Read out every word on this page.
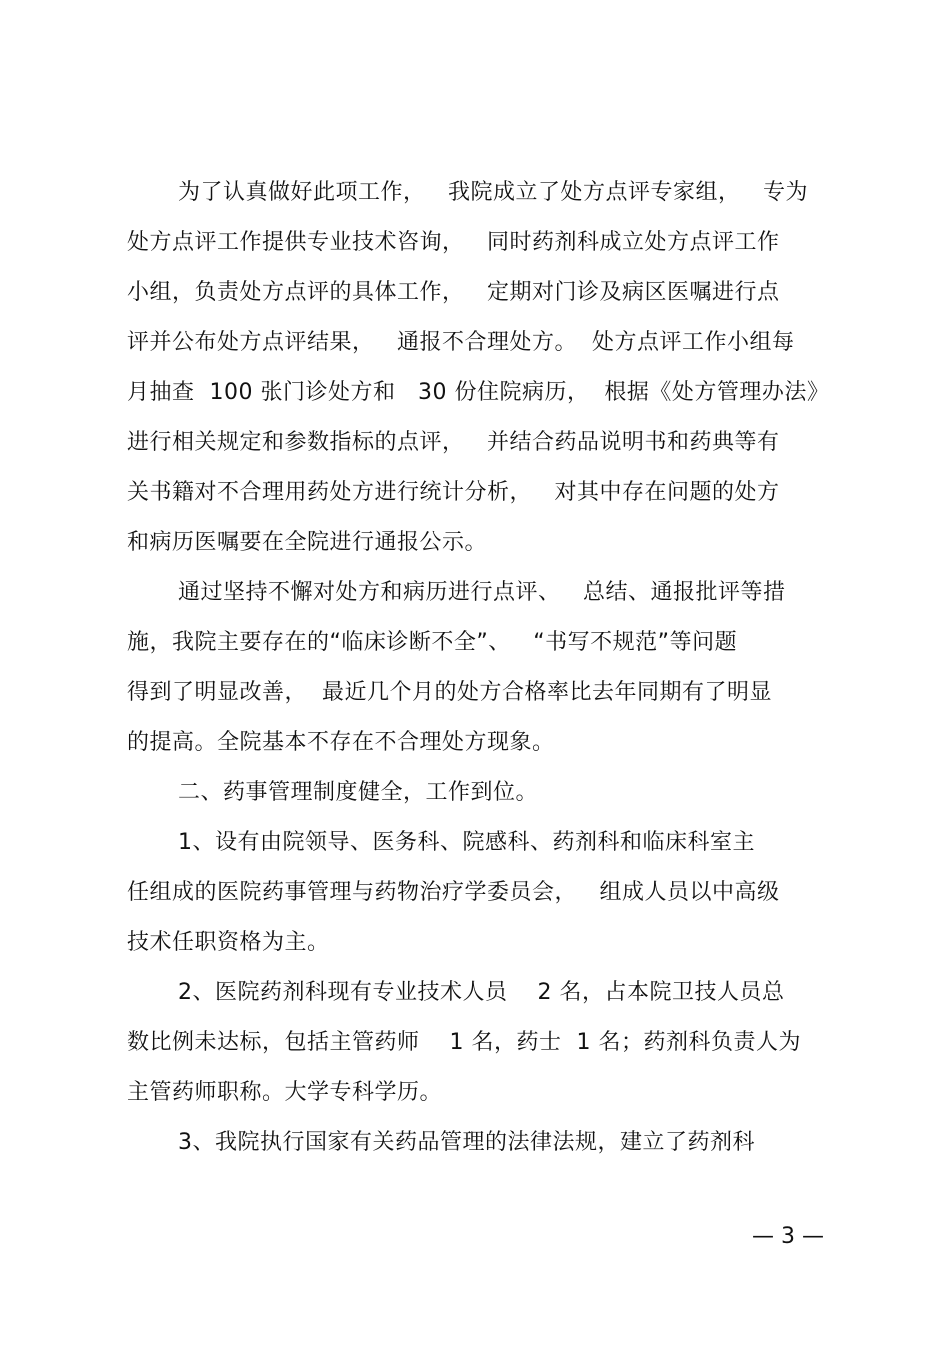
为了认真做好此项工作，   我院成立了处方点评专家组，   专为
处方点评工作提供专业技术咨询，   同时药剂科成立处方点评工作
小组，负责处方点评的具体工作，   定期对门诊及病区医嘱进行点
评并公布处方点评结果，   通报不合理处方。  处方点评工作小组每
月抽查  100 张门诊处方和   30 份住院病历，  根据《处方管理办法》
进行相关规定和参数指标的点评，   并结合药品说明书和药典等有
关书籍对不合理用药处方进行统计分析，   对其中存在问题的处方
和病历医嘱要在全院进行通报公示。
通过坚持不懈对处方和病历进行点评、   总结、通报批评等措
施，我院主要存在的“临床诊断不全”、   “书写不规范”等问题
得到了明显改善，  最近几个月的处方合格率比去年同期有了明显
的提高。全院基本不存在不合理处方现象。
二、药事管理制度健全，工作到位。
1、设有由院领导、医务科、院感科、药剂科和临床科室主
任组成的医院药事管理与药物治疗学委员会，   组成人员以中高级
技术任职资格为主。
2、医院药剂科现有专业技术人员    2 名，占本院卫技人员总
数比例未达标，包括主管药师    1 名，药士  1 名；药剂科负责人为
主管药师职称。大学专科学历。
3、我院执行国家有关药品管理的法律法规，建立了药剂科
— 3 —
